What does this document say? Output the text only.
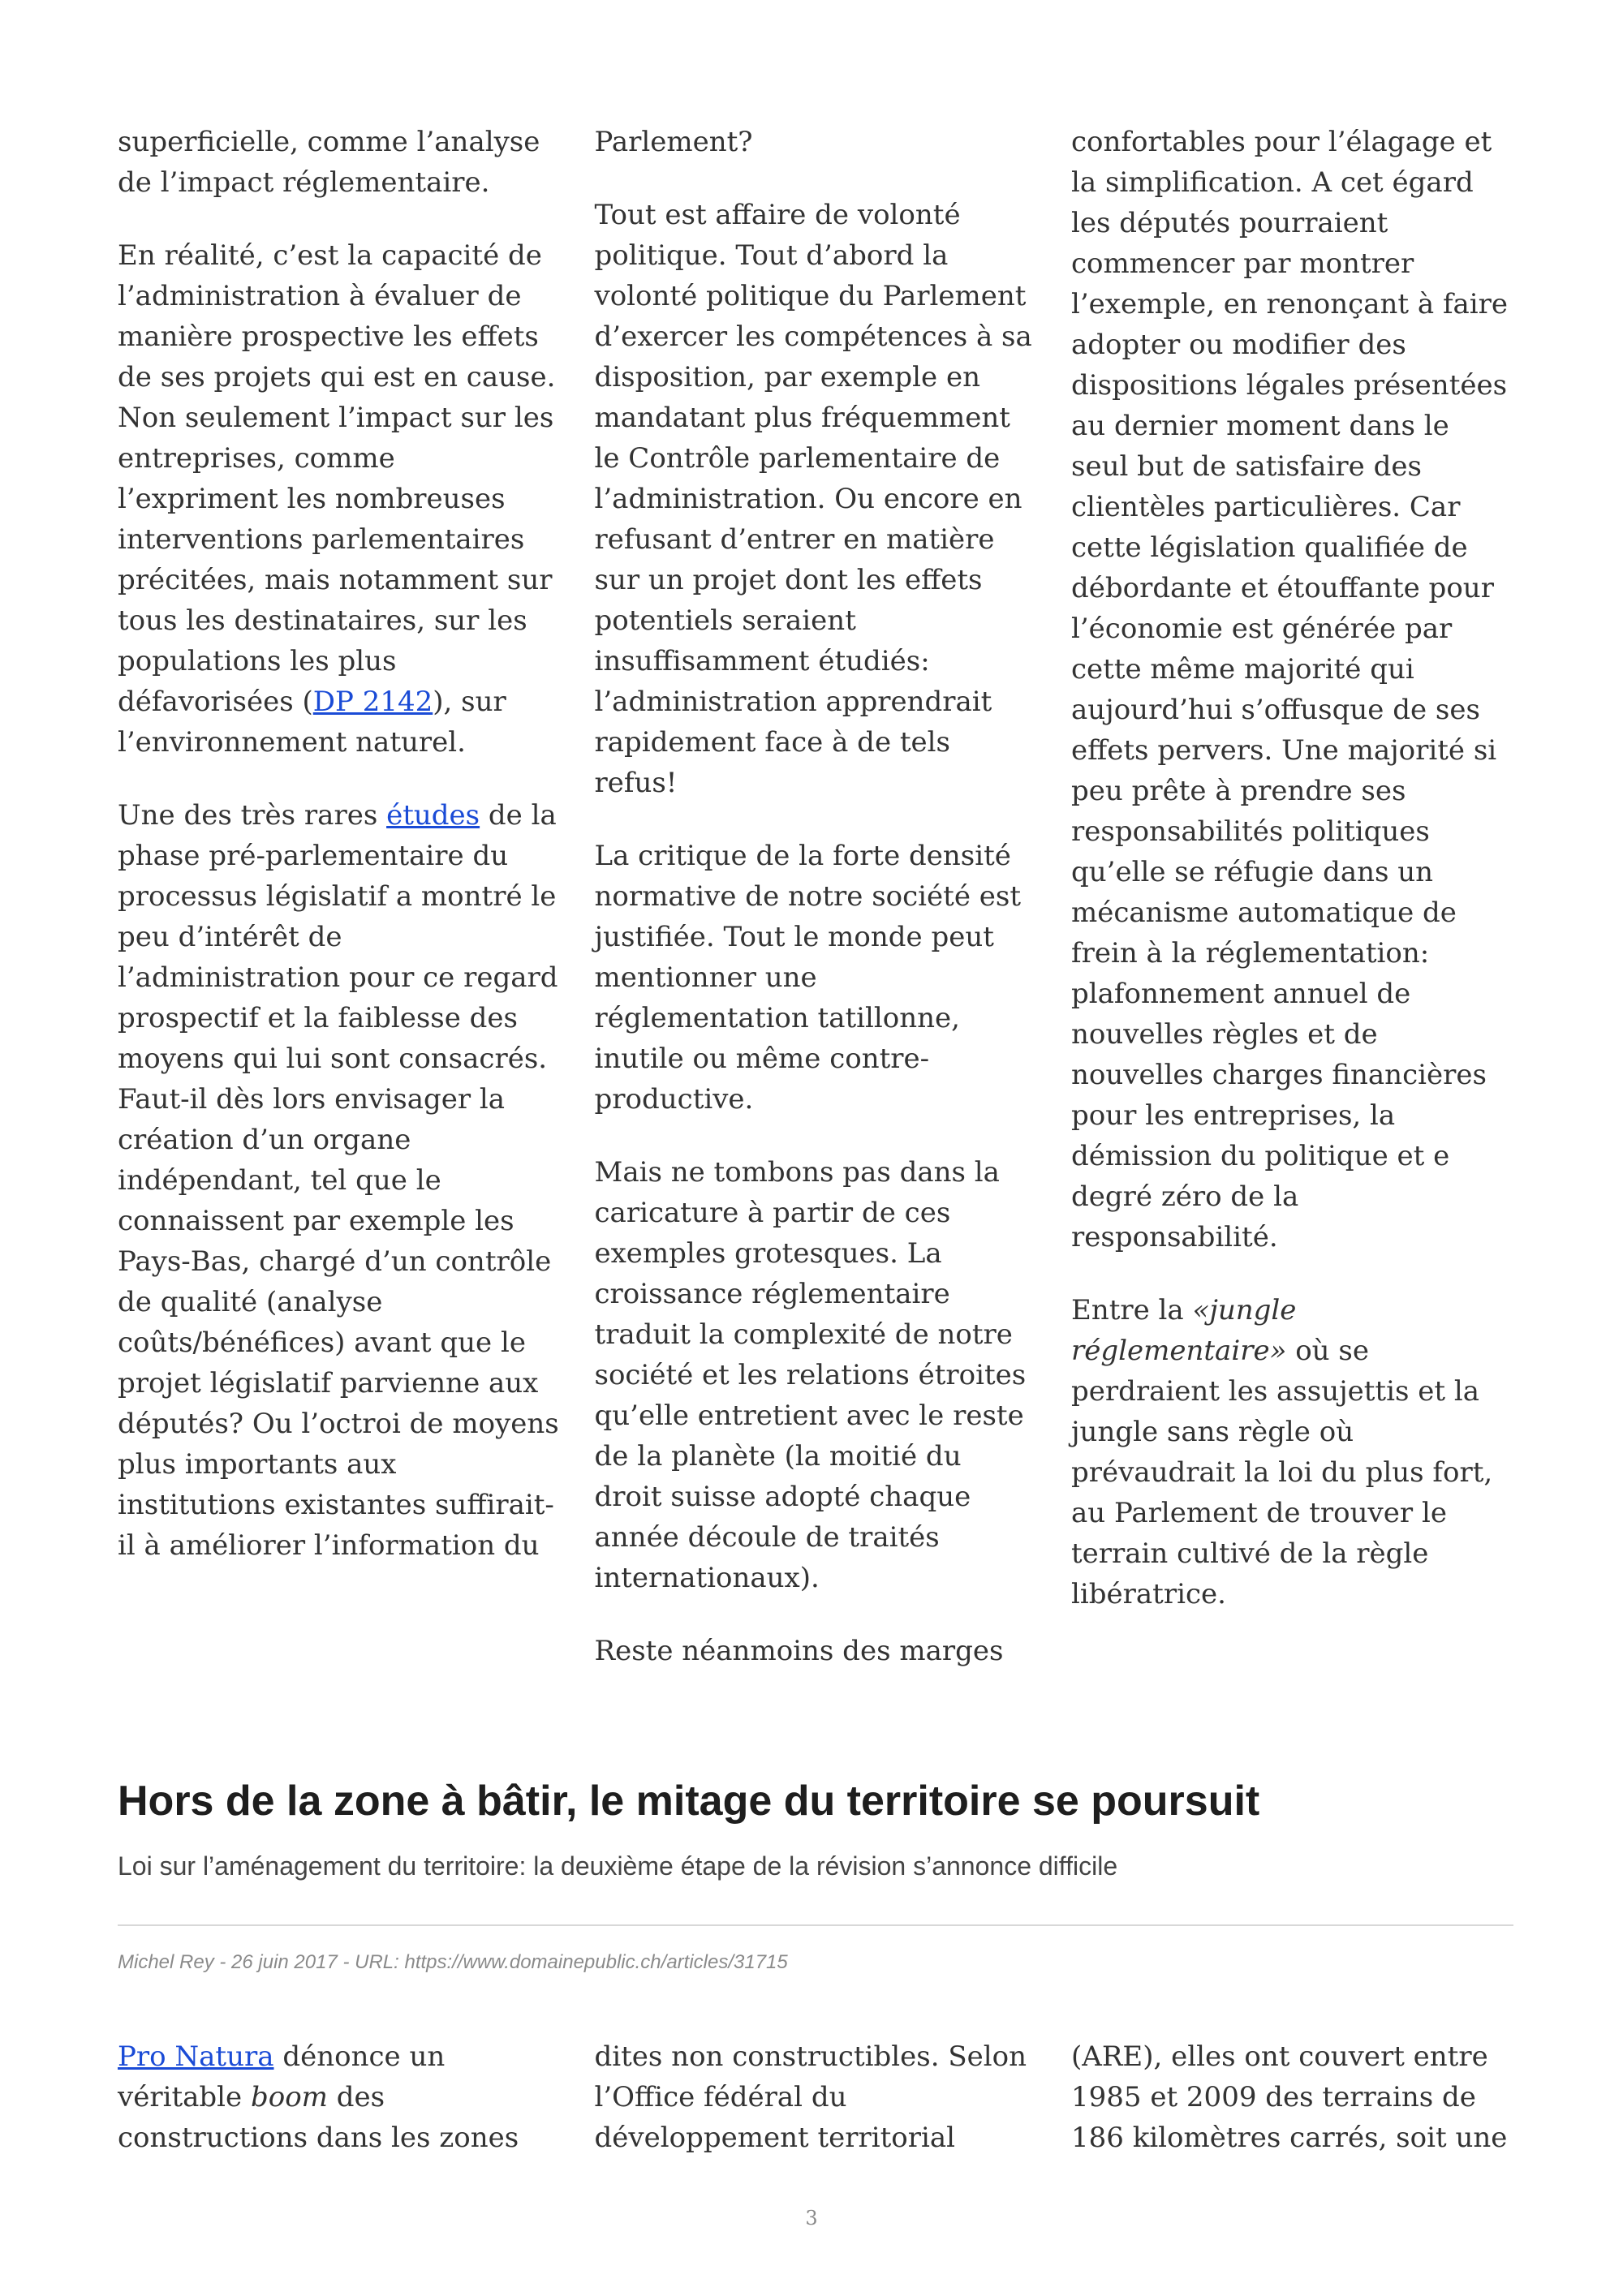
superficielle, comme l’analyse de l’impact réglementaire.

En réalité, c’est la capacité de l’administration à évaluer de manière prospective les effets de ses projets qui est en cause. Non seulement l’impact sur les entreprises, comme l’expriment les nombreuses interventions parlementaires précitées, mais notamment sur tous les destinataires, sur les populations les plus défavorisées (DP 2142), sur l’environnement naturel.

Une des très rares études de la phase pré-parlementaire du processus législatif a montré le peu d’intérêt de l’administration pour ce regard prospectif et la faiblesse des moyens qui lui sont consacrés. Faut-il dès lors envisager la création d’un organe indépendant, tel que le connaissent par exemple les Pays-Bas, chargé d’un contrôle de qualité (analyse coûts/bénéfices) avant que le projet législatif parvienne aux députés? Ou l’octroi de moyens plus importants aux institutions existantes suffirait-il à améliorer l’information du

Parlement?

Tout est affaire de volonté politique. Tout d’abord la volonté politique du Parlement d’exercer les compétences à sa disposition, par exemple en mandatant plus fréquemment le Contrôle parlementaire de l’administration. Ou encore en refusant d’entrer en matière sur un projet dont les effets potentiels seraient insuffisamment étudiés: l’administration apprendrait rapidement face à de tels refus!

La critique de la forte densité normative de notre société est justifiée. Tout le monde peut mentionner une réglementation tatillonne, inutile ou même contre-productive.

Mais ne tombons pas dans la caricature à partir de ces exemples grotesques. La croissance réglementaire traduit la complexité de notre société et les relations étroites qu’elle entretient avec le reste de la planète (la moitié du droit suisse adopté chaque année découle de traités internationaux).

Reste néanmoins des marges

confortables pour l’élagage et la simplification. A cet égard les députés pourraient commencer par montrer l’exemple, en renonçant à faire adopter ou modifier des dispositions légales présentées au dernier moment dans le seul but de satisfaire des clientèles particulières. Car cette législation qualifiée de débordante et étouffante pour l’économie est générée par cette même majorité qui aujourd’hui s’offusque de ses effets pervers. Une majorité si peu prête à prendre ses responsabilités politiques qu’elle se réfugie dans un mécanisme automatique de frein à la réglementation: plafonnement annuel de nouvelles règles et de nouvelles charges financières pour les entreprises, la démission du politique et e degré zéro de la responsabilité.

Entre la «jungle réglementaire» où se perdraient les assujettis et la jungle sans règle où prévaudrait la loi du plus fort, au Parlement de trouver le terrain cultivé de la règle libératrice.

Hors de la zone à bâtir, le mitage du territoire se poursuit
Loi sur l’aménagement du territoire: la deuxième étape de la révision s’annonce difficile
Michel Rey - 26 juin 2017 - URL: https://www.domainepublic.ch/articles/31715

Pro Natura dénonce un véritable boom des constructions dans les zones

dites non constructibles. Selon l’Office fédéral du développement territorial

(ARE), elles ont couvert entre 1985 et 2009 des terrains de 186 kilomètres carrés, soit une

3
